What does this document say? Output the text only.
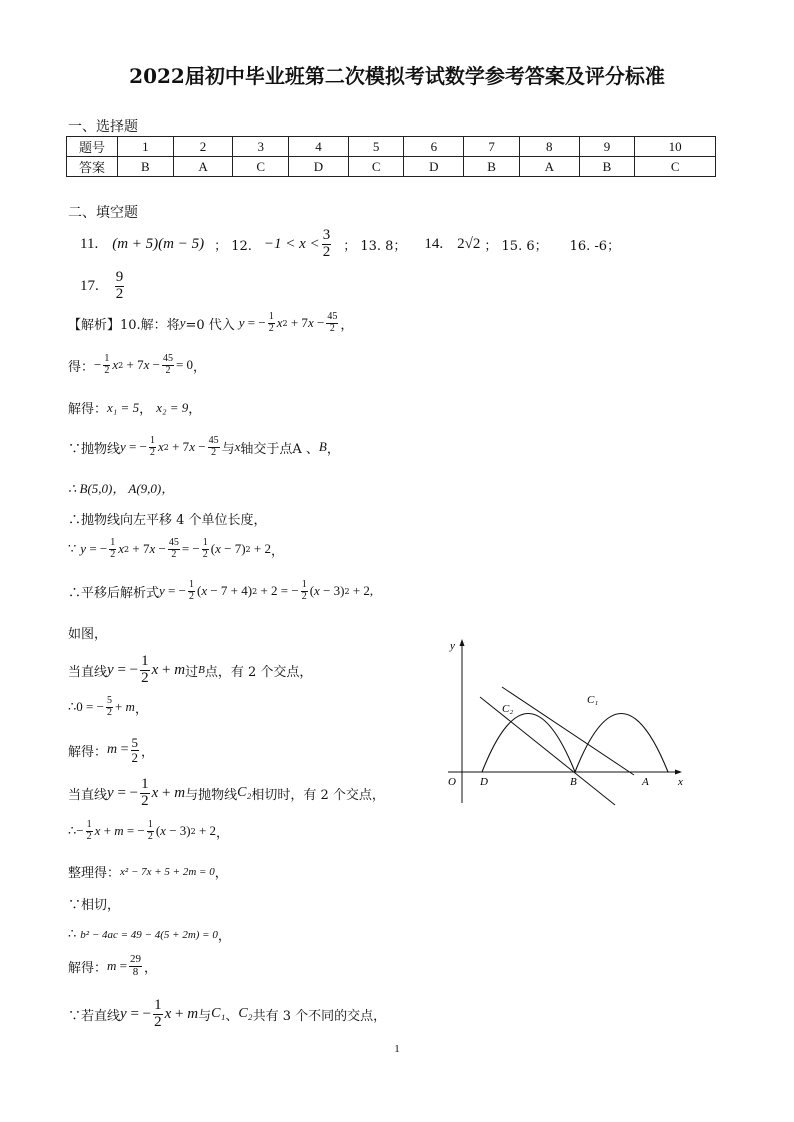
2022届初中毕业班第二次模拟考试数学参考答案及评分标准
一、选择题
题号	1	2	3	4	5	6	7	8	9	10
答案	B	A	C	D	C	D	B	A	B	C
二、填空题
11. (m + 5)(m − 5) ； 12. $-1 < x < \frac{3}{2}$ ； 13. 8； 14. 2√2 ； 15. 6； 16. -6；
17. $\frac{9}{2}$
【解析】10.解：将 y =0 代入 y = − $\frac{1}{2}$ x 2 + 7 $x - \frac{45}{2}$ ，
得： − $\frac{1}{2}$ x 2 + 7 $x - \frac{45}{2} = 0$ ，
解得： x₁ = 5 ， x₂ = 9 ，
∵抛物线 y = − $\frac{1}{2}$ x 2 + 7 $x - \frac{45}{2}$ 与 x 轴交于点A 、 B ，
∴ B(5,0)， A(9,0)，
∴抛物线向左平移 4 个单位长度，
∵ y = − $\frac{1}{2}$ x 2 + 7 $x - \frac{45}{2}$ = − $\frac{1}{2}$ ( x − 7) 2 + 2 ，
∴平移后解析式 y = − $\frac{1}{2}$ ( x − 7 + 4) 2 + 2 = − $\frac{1}{2}$ ( x − 3) 2 + 2,
如图，
当直线 y = − $\frac{1}{2}$ x + m 过 B 点，有 2 个交点，
∴ 0 = − $\frac{5}{2} + m$ ，
解得： $m = \frac{5}{2}$ ，
当直线 y = − $\frac{1}{2}$ x + m 与抛物线 C₂ 相切时，有 2 个交点，
∴ − $\frac{1}{2}$ x + m = − $\frac{1}{2}$ ( x − 3) 2 + 2 ，
整理得： x² − 7x + 5 + 2m = 0 ，
∵相切，
∴ b² − 4ac = 49 − 4(5 + 2m) = 0 ，
解得： $m = \frac{29}{8}$ ，
∵若直线 y = − $\frac{1}{2}$ x + m 与 C₁ 、 C₂ 共有 3 个不同的交点，
y
x
O D	B	A
C₁
C₂
1
